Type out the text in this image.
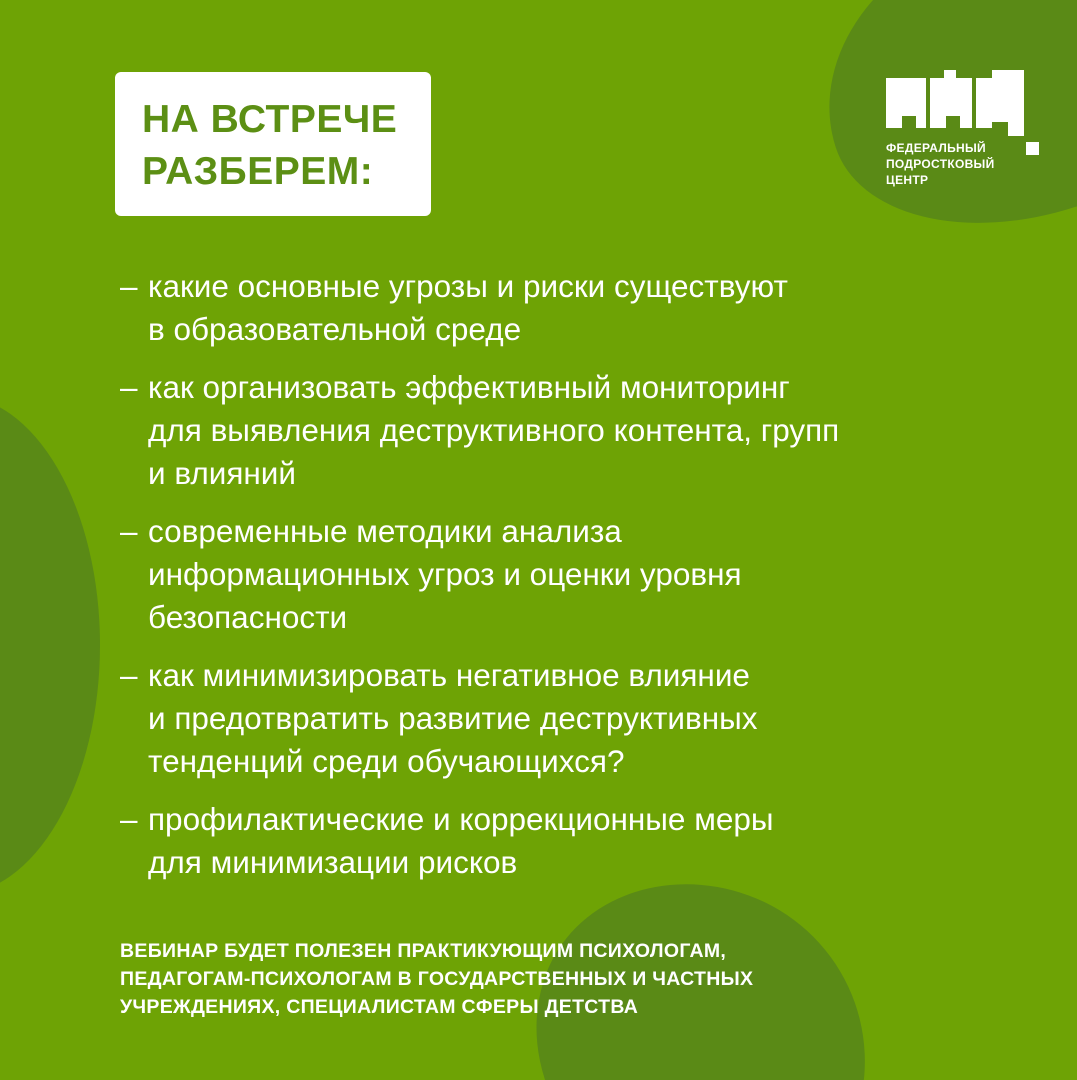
НА ВСТРЕЧЕ
РАЗБЕРЕМ:
ФЕДЕРАЛЬНЫЙ
ПОДРОСТКОВЫЙ
ЦЕНТР
– какие основные угрозы и риски существуют
в образовательной среде
– как организовать эффективный мониторинг
для выявления деструктивного контента, групп
и влияний
– современные методики анализа
информационных угроз и оценки уровня
безопасности
– как минимизировать негативное влияние
и предотвратить развитие деструктивных
тенденций среди обучающихся?
– профилактические и коррекционные меры
для минимизации рисков
ВЕБИНАР БУДЕТ ПОЛЕЗЕН ПРАКТИКУЮЩИМ ПСИХОЛОГАМ,
ПЕДАГОГАМ-ПСИХОЛОГАМ В ГОСУДАРСТВЕННЫХ И ЧАСТНЫХ
УЧРЕЖДЕНИЯХ, СПЕЦИАЛИСТАМ СФЕРЫ ДЕТСТВА
